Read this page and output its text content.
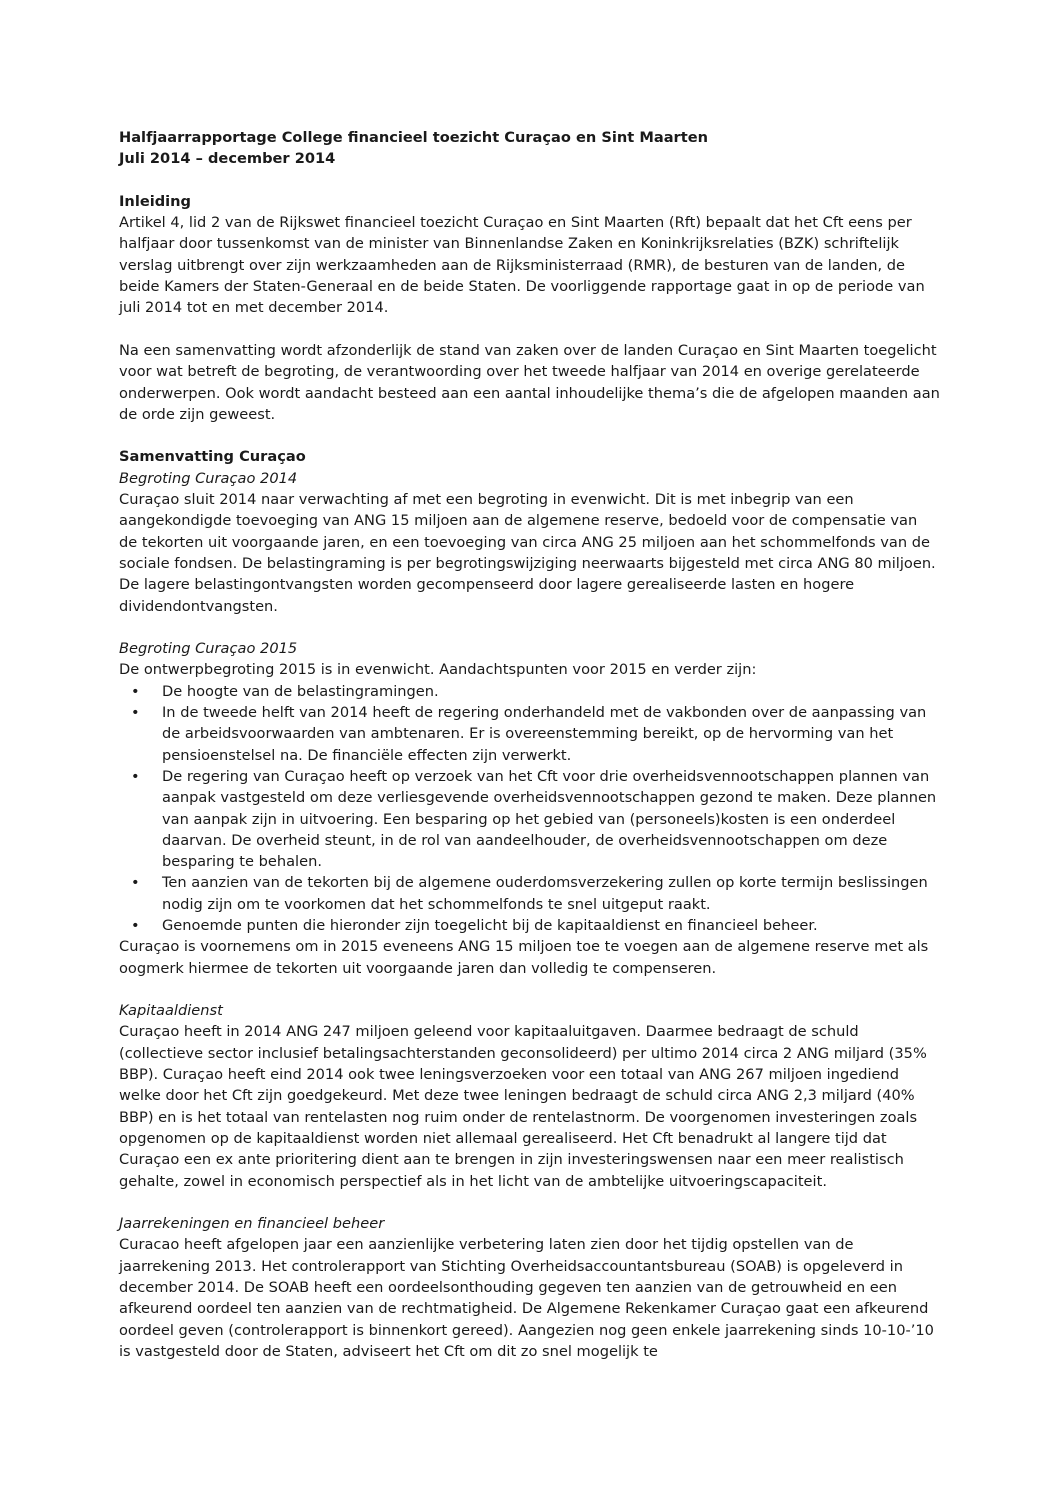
Halfjaarrapportage College financieel toezicht Curaçao en Sint Maarten
Juli 2014 – december 2014
Inleiding
Artikel 4, lid 2 van de Rijkswet financieel toezicht Curaçao en Sint Maarten (Rft) bepaalt dat het Cft eens per halfjaar door tussenkomst van de minister van Binnenlandse Zaken en Koninkrijksrelaties (BZK) schriftelijk verslag uitbrengt over zijn werkzaamheden aan de Rijksministerraad (RMR), de besturen van de landen, de beide Kamers der Staten-Generaal en de beide Staten. De voorliggende rapportage gaat in op de periode van juli 2014 tot en met december 2014.
Na een samenvatting wordt afzonderlijk de stand van zaken over de landen Curaçao en Sint Maarten toegelicht voor wat betreft de begroting, de verantwoording over het tweede halfjaar van 2014 en overige gerelateerde onderwerpen. Ook wordt aandacht besteed aan een aantal inhoudelijke thema’s die de afgelopen maanden aan de orde zijn geweest.
Samenvatting Curaçao
Begroting Curaçao 2014
Curaçao sluit 2014 naar verwachting af met een begroting in evenwicht. Dit is met inbegrip van een aangekondigde toevoeging van ANG 15 miljoen aan de algemene reserve, bedoeld voor de compensatie van de tekorten uit voorgaande jaren, en een toevoeging van circa ANG 25 miljoen aan het schommelfonds van de sociale fondsen. De belastingraming is per begrotingswijziging neerwaarts bijgesteld met circa ANG 80 miljoen. De lagere belastingontvangsten worden gecompenseerd door lagere gerealiseerde lasten en hogere dividendontvangsten.
Begroting Curaçao 2015
De ontwerpbegroting 2015 is in evenwicht. Aandachtspunten voor 2015 en verder zijn:
• De hoogte van de belastingramingen.
• In de tweede helft van 2014 heeft de regering onderhandeld met de vakbonden over de aanpassing van de arbeidsvoorwaarden van ambtenaren. Er is overeenstemming bereikt, op de hervorming van het pensioenstelsel na. De financiële effecten zijn verwerkt.
• De regering van Curaçao heeft op verzoek van het Cft voor drie overheidsvennootschappen plannen van aanpak vastgesteld om deze verliesgevende overheidsvennootschappen gezond te maken. Deze plannen van aanpak zijn in uitvoering. Een besparing op het gebied van (personeels)kosten is een onderdeel daarvan. De overheid steunt, in de rol van aandeelhouder, de overheidsvennootschappen om deze besparing te behalen.
• Ten aanzien van de tekorten bij de algemene ouderdomsverzekering zullen op korte termijn beslissingen nodig zijn om te voorkomen dat het schommelfonds te snel uitgeput raakt.
• Genoemde punten die hieronder zijn toegelicht bij de kapitaaldienst en financieel beheer.
Curaçao is voornemens om in 2015 eveneens ANG 15 miljoen toe te voegen aan de algemene reserve met als oogmerk hiermee de tekorten uit voorgaande jaren dan volledig te compenseren.
Kapitaaldienst
Curaçao heeft in 2014 ANG 247 miljoen geleend voor kapitaaluitgaven. Daarmee bedraagt de schuld (collectieve sector inclusief betalingsachterstanden geconsolideerd) per ultimo 2014 circa 2 ANG miljard (35% BBP). Curaçao heeft eind 2014 ook twee leningsverzoeken voor een totaal van ANG 267 miljoen ingediend welke door het Cft zijn goedgekeurd. Met deze twee leningen bedraagt de schuld circa ANG 2,3 miljard (40% BBP) en is het totaal van rentelasten nog ruim onder de rentelastnorm. De voorgenomen investeringen zoals opgenomen op de kapitaaldienst worden niet allemaal gerealiseerd. Het Cft benadrukt al langere tijd dat Curaçao een ex ante prioritering dient aan te brengen in zijn investeringswensen naar een meer realistisch gehalte, zowel in economisch perspectief als in het licht van de ambtelijke uitvoeringscapaciteit.
Jaarrekeningen en financieel beheer
Curacao heeft afgelopen jaar een aanzienlijke verbetering laten zien door het tijdig opstellen van de jaarrekening 2013. Het controlerapport van Stichting Overheidsaccountantsbureau (SOAB) is opgeleverd in december 2014. De SOAB heeft een oordeelsonthouding gegeven ten aanzien van de getrouwheid en een afkeurend oordeel ten aanzien van de rechtmatigheid. De Algemene Rekenkamer Curaçao gaat een afkeurend oordeel geven (controlerapport is binnenkort gereed). Aangezien nog geen enkele jaarrekening sinds 10-10-’10 is vastgesteld door de Staten, adviseert het Cft om dit zo snel mogelijk te
